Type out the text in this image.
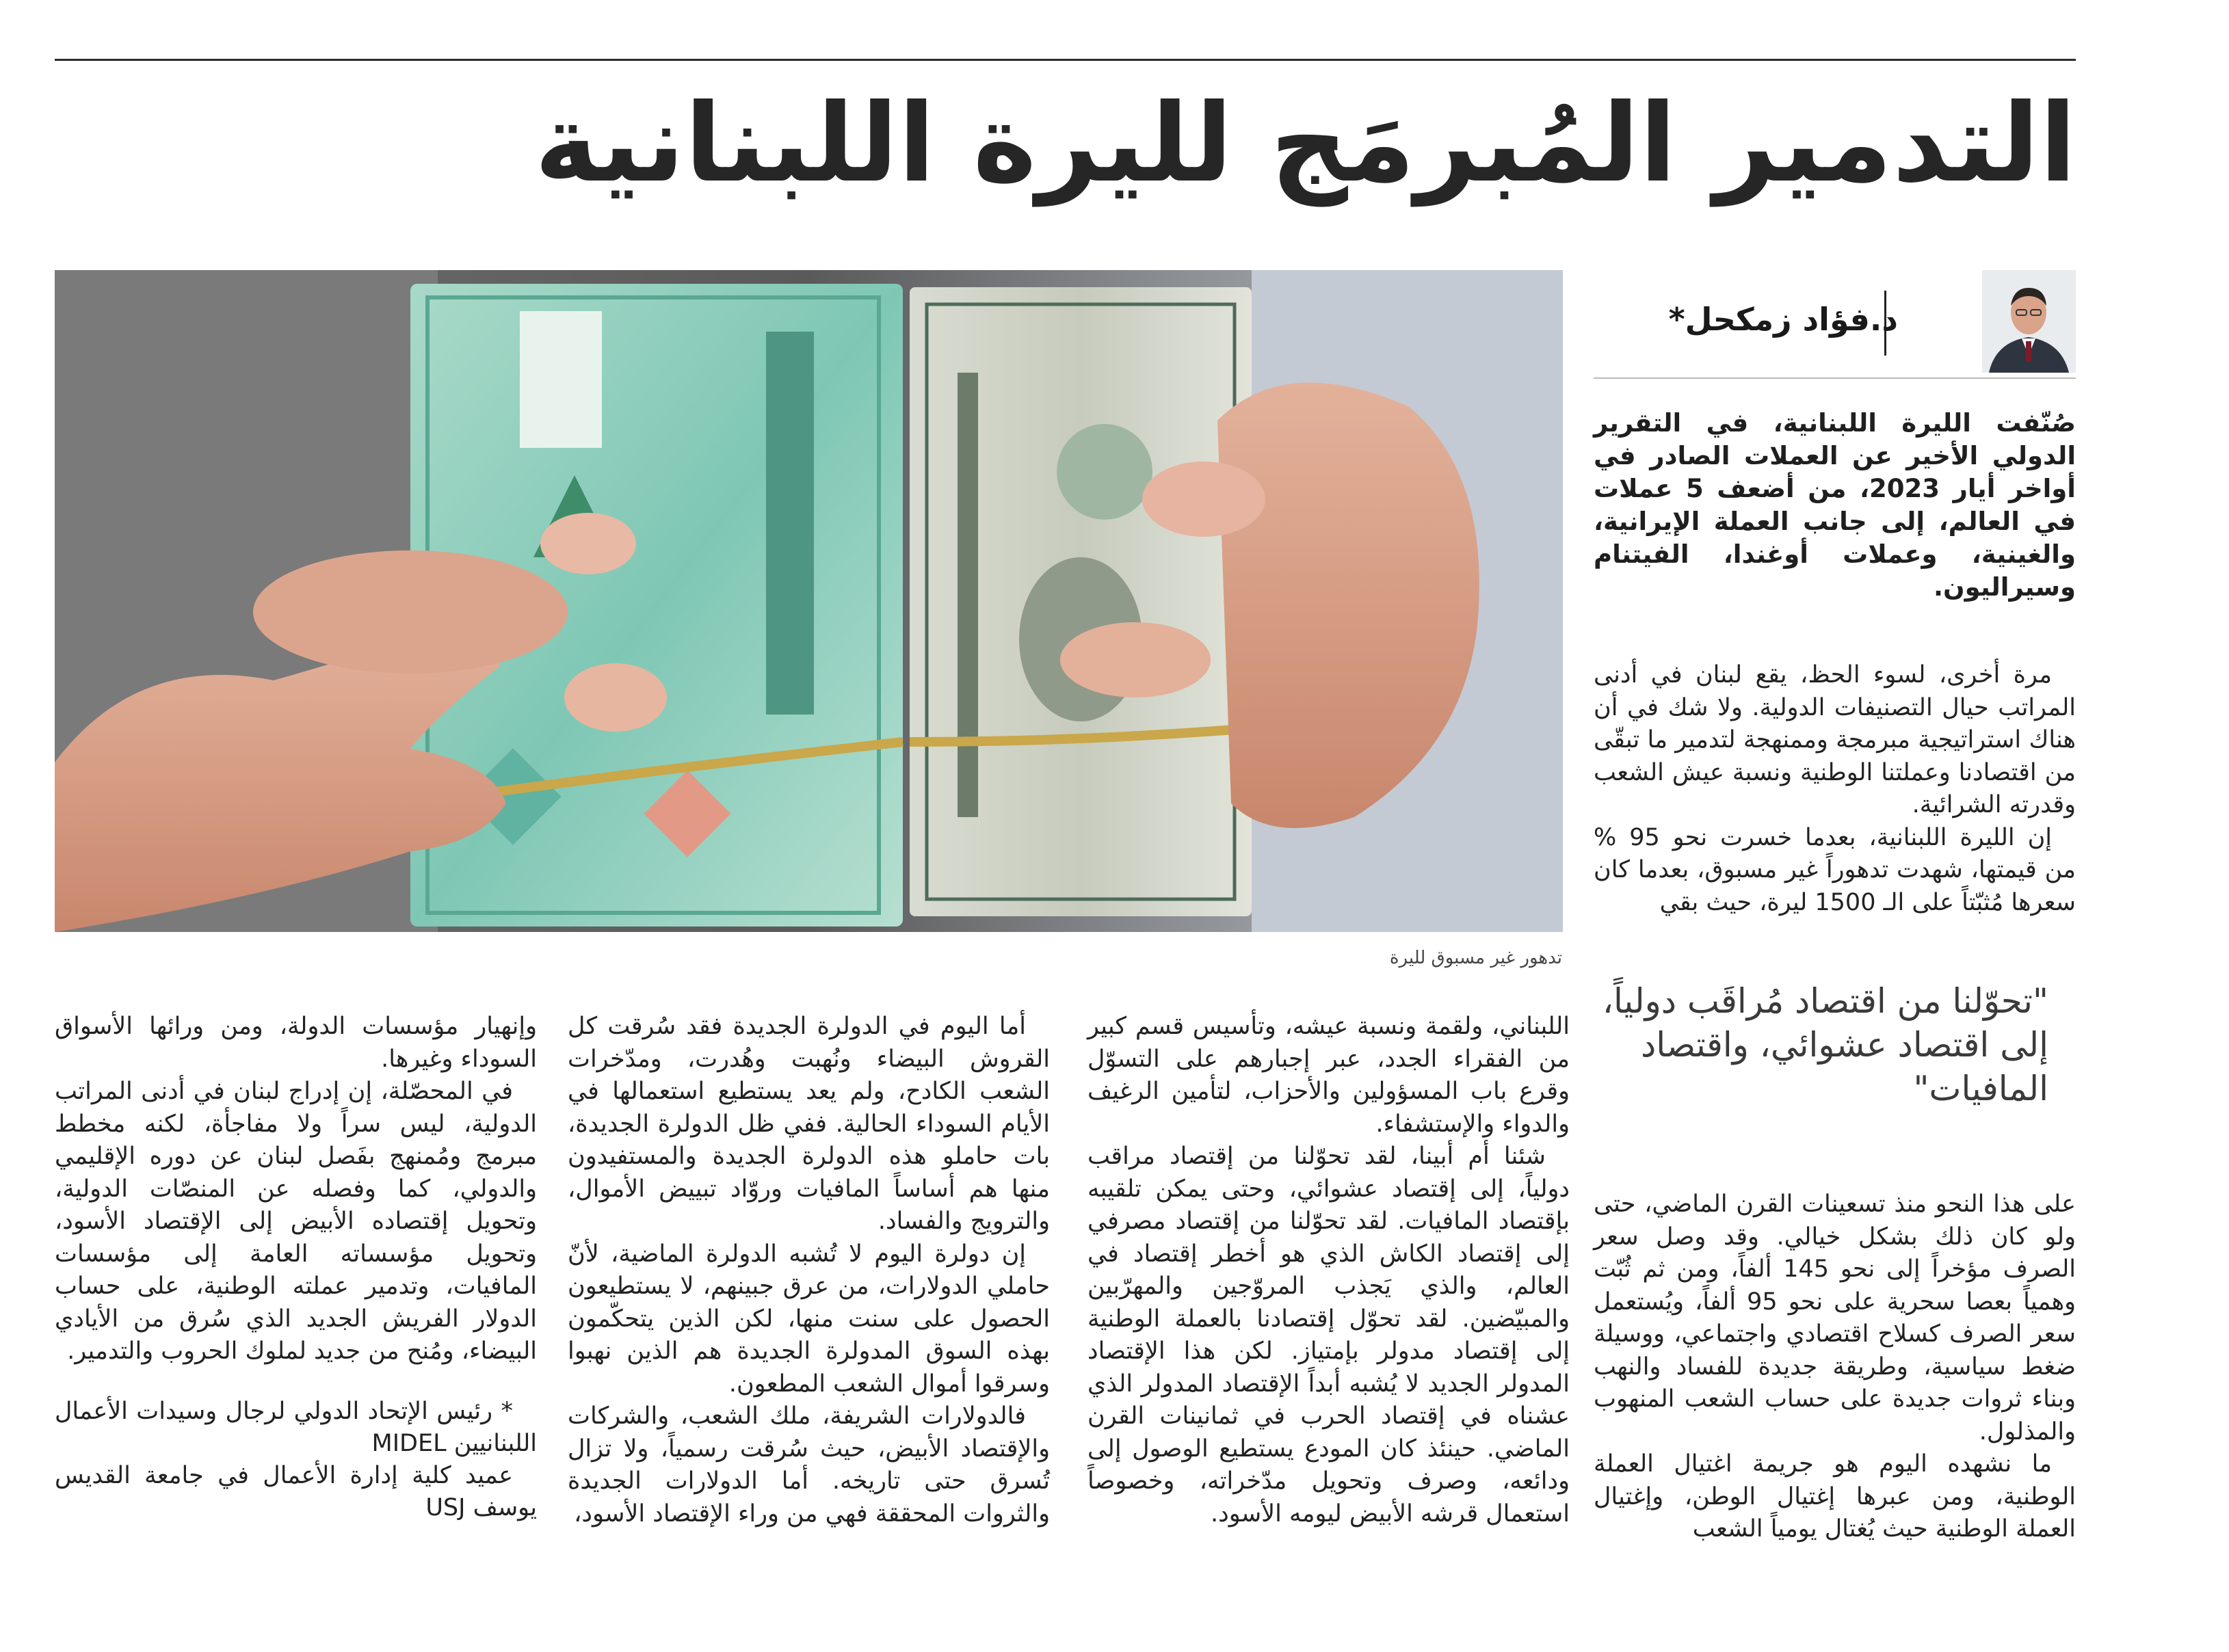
التدمير المُبرمَج لليرة اللبنانية
تدهور غير مسبوق لليرة
د.فؤاد زمكحل*
صُنّفت الليرة اللبنانية، في التقرير الدولي الأخير عن العملات الصادر في أواخر أيار 2023، من أضعف 5 عملات في العالم، إلى جانب العملة الإيرانية، والغينية، وعملات أوغندا، الفيتنام وسيراليون.

مرة أخرى، لسوء الحظ، يقع لبنان في أدنى المراتب حيال التصنيفات الدولية. ولا شك في أن هناك استراتيجية مبرمجة وممنهجة لتدمير ما تبقّى من اقتصادنا وعملتنا الوطنية ونسبة عيش الشعب وقدرته الشرائية.

إن الليرة اللبنانية، بعدما خسرت نحو 95 % من قيمتها، شهدت تدهوراً غير مسبوق، بعدما كان سعرها مُثبّتاً على الـ 1500 ليرة، حيث بقي

"تحوّلنا من اقتصاد مُراقَب دولياً، إلى اقتصاد عشوائي، واقتصاد المافيات"

على هذا النحو منذ تسعينات القرن الماضي، حتى ولو كان ذلك بشكل خيالي. وقد وصل سعر الصرف مؤخراً إلى نحو 145 ألفاً، ومن ثم ثُبّت وهمياً بعصا سحرية على نحو 95 ألفاً، ويُستعمل سعر الصرف كسلاح اقتصادي واجتماعي، ووسيلة ضغط سياسية، وطريقة جديدة للفساد والنهب وبناء ثروات جديدة على حساب الشعب المنهوب والمذلول.

ما نشهده اليوم هو جريمة اغتيال العملة الوطنية، ومن عبرها إغتيال الوطن، وإغتيال العملة الوطنية حيث يُغتال يومياً الشعب

اللبناني، ولقمة ونسبة عيشه، وتأسيس قسم كبير من الفقراء الجدد، عبر إجبارهم على التسوّل وقرع باب المسؤولين والأحزاب، لتأمين الرغيف والدواء والإستشفاء.

شئنا أم أبينا، لقد تحوّلنا من إقتصاد مراقب دولياً، إلى إقتصاد عشوائي، وحتى يمكن تلقيبه بإقتصاد المافيات. لقد تحوّلنا من إقتصاد مصرفي إلى إقتصاد الكاش الذي هو أخطر إقتصاد في العالم، والذي يَجذب المروّجين والمهرّبين والمبيّضين. لقد تحوّل إقتصادنا بالعملة الوطنية إلى إقتصاد مدولر بإمتياز. لكن هذا الإقتصاد المدولر الجديد لا يُشبه أبداً الإقتصاد المدولر الذي عشناه في إقتصاد الحرب في ثمانينات القرن الماضي. حينئذ كان المودع يستطيع الوصول إلى ودائعه، وصرف وتحويل مدّخراته، وخصوصاً استعمال قرشه الأبيض ليومه الأسود.

أما اليوم في الدولرة الجديدة فقد سُرقت كل القروش البيضاء ونُهبت وهُدرت، ومدّخرات الشعب الكادح، ولم يعد يستطيع استعمالها في الأيام السوداء الحالية. ففي ظل الدولرة الجديدة، بات حاملو هذه الدولرة الجديدة والمستفيدون منها هم أساساً المافيات وروّاد تبييض الأموال، والترويج والفساد.

إن دولرة اليوم لا تُشبه الدولرة الماضية، لأنّ حاملي الدولارات، من عرق جبينهم، لا يستطيعون الحصول على سنت منها، لكن الذين يتحكّمون بهذه السوق المدولرة الجديدة هم الذين نهبوا وسرقوا أموال الشعب المطعون.

فالدولارات الشريفة، ملك الشعب، والشركات والإقتصاد الأبيض، حيث سُرقت رسمياً، ولا تزال تُسرق حتى تاريخه. أما الدولارات الجديدة والثروات المحققة فهي من وراء الإقتصاد الأسود،

وإنهيار مؤسسات الدولة، ومن ورائها الأسواق السوداء وغيرها.

في المحصّلة، إن إدراج لبنان في أدنى المراتب الدولية، ليس سراً ولا مفاجأة، لكنه مخطط مبرمج ومُمنهج بفَصل لبنان عن دوره الإقليمي والدولي، كما وفصله عن المنصّات الدولية، وتحويل إقتصاده الأبيض إلى الإقتصاد الأسود، وتحويل مؤسساته العامة إلى مؤسسات المافيات، وتدمير عملته الوطنية، على حساب الدولار الفريش الجديد الذي سُرق من الأيادي البيضاء، ومُنح من جديد لملوك الحروب والتدمير.

* رئيس الإتحاد الدولي لرجال وسيدات الأعمال اللبنانيين MIDEL

عميد كلية إدارة الأعمال في جامعة القديس يوسف USJ
